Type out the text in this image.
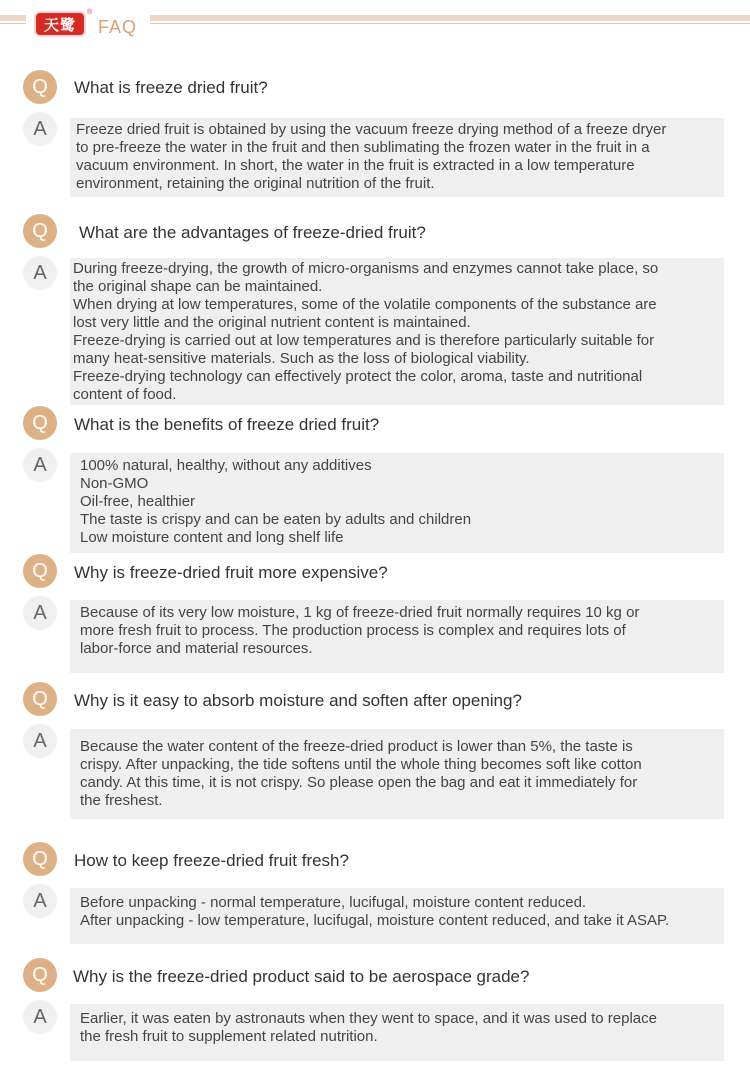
天鹭
®
FAQ
Q	What is freeze dried fruit?
A	Freeze dried fruit is obtained by using the vacuum freeze drying method of a freeze dryer
to pre-freeze the water in the fruit and then sublimating the frozen water in the fruit in a
vacuum environment. In short, the water in the fruit is extracted in a low temperature
environment, retaining the original nutrition of the fruit.
Q	What are the advantages of freeze-dried fruit?
A	During freeze-drying, the growth of micro-organisms and enzymes cannot take place, so
the original shape can be maintained.
When drying at low temperatures, some of the volatile components of the substance are
lost very little and the original nutrient content is maintained.
Freeze-drying is carried out at low temperatures and is therefore particularly suitable for
many heat-sensitive materials. Such as the loss of biological viability.
Freeze-drying technology can effectively protect the color, aroma, taste and nutritional
content of food.
Q	What is the benefits of freeze dried fruit?
A	100% natural, healthy, without any additives
Non-GMO
Oil-free, healthier
The taste is crispy and can be eaten by adults and children
Low moisture content and long shelf life
Q	Why is freeze-dried fruit more expensive?
A	Because of its very low moisture, 1 kg of freeze-dried fruit normally requires 10 kg or
more fresh fruit to process. The production process is complex and requires lots of
labor-force and material resources.
Q	Why is it easy to absorb moisture and soften after opening?
A	Because the water content of the freeze-dried product is lower than 5%, the taste is
crispy. After unpacking, the tide softens until the whole thing becomes soft like cotton
candy. At this time, it is not crispy. So please open the bag and eat it immediately for
the freshest.
Q	How to keep freeze-dried fruit fresh?
A	Before unpacking - normal temperature, lucifugal, moisture content reduced.
After unpacking - low temperature, lucifugal, moisture content reduced, and take it ASAP.
Q	Why is the freeze-dried product said to be aerospace grade?
A	Earlier, it was eaten by astronauts when they went to space, and it was used to replace
the fresh fruit to supplement related nutrition.
